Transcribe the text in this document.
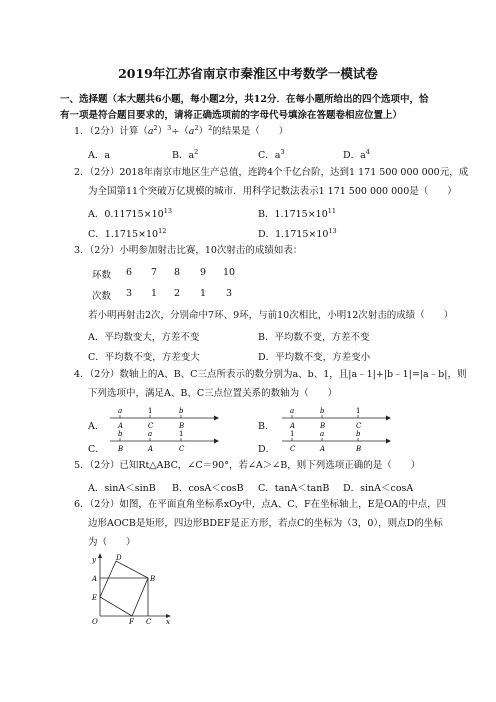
2019年江苏省南京市秦淮区中考数学一模试卷
一、选择题（本大题共6小题，每小题2分，共12分．在每小题所给出的四个选项中，恰
有一项是符合题目要求的，请将正确选项前的字母代号填涂在答题卷相应位置上）
1．（2分）计算$(a^2)^3\div(a^2)^2$的结果是（　　）
A．a	B．$a^2$	C．$a^3$	D．$a^4$
2．（2分）2018年南京市地区生产总值，连跨4个千亿台阶，达到1 171 500 000 000元，成
为全国第11个突破万亿规模的城市．用科学记数法表示1 171 500 000 000是（　　）
A．$0.11715\times 10^{13}$	B．$1.1715\times 10^{11}$
C．$1.1715\times 10^{12}$	D．$1.1715\times 10^{13}$
3．（2分）小明参加射击比赛，10次射击的成绩如表：
环数 6 7 8 9 10
次数 3 1 2 1 3
若小明再射击2次，分别命中7环、9环，与前10次相比，小明12次射击的成绩（　　）
A．平均数变大，方差不变	B．平均数不变，方差不变
C．平均数不变，方差变大	D．平均数不变，方差变小
4．（2分）数轴上的A、B、C三点所表示的数分别为a、b、1，且|a﹣1|+|b﹣1|=|a﹣b|，则
下列选项中，满足A、B、C三点位置关系的数轴为（　　）
A．	B．
C．	D．
a	1	b
A	C	B
a	b	1
A	B	C
b	a	1
B	A	C
1	a	b
C	A	B
5．（2分）已知Rt△ABC，∠C＝90°，若∠A＞∠B，则下列选项正确的是（　　）
A．sinA＜sinB B．cosA＜cosB C．tanA＜tanB D．sinA＜cosA
6．（2分）如图，在平面直角坐标系xOy中，点A、C、F在坐标轴上，E是OA的中点，四
边形AOCB是矩形，四边形BDEF是正方形，若点C的坐标为（3，0），则点D的坐标
为（　　）
y
x
O
A	B
C
D
E
F
